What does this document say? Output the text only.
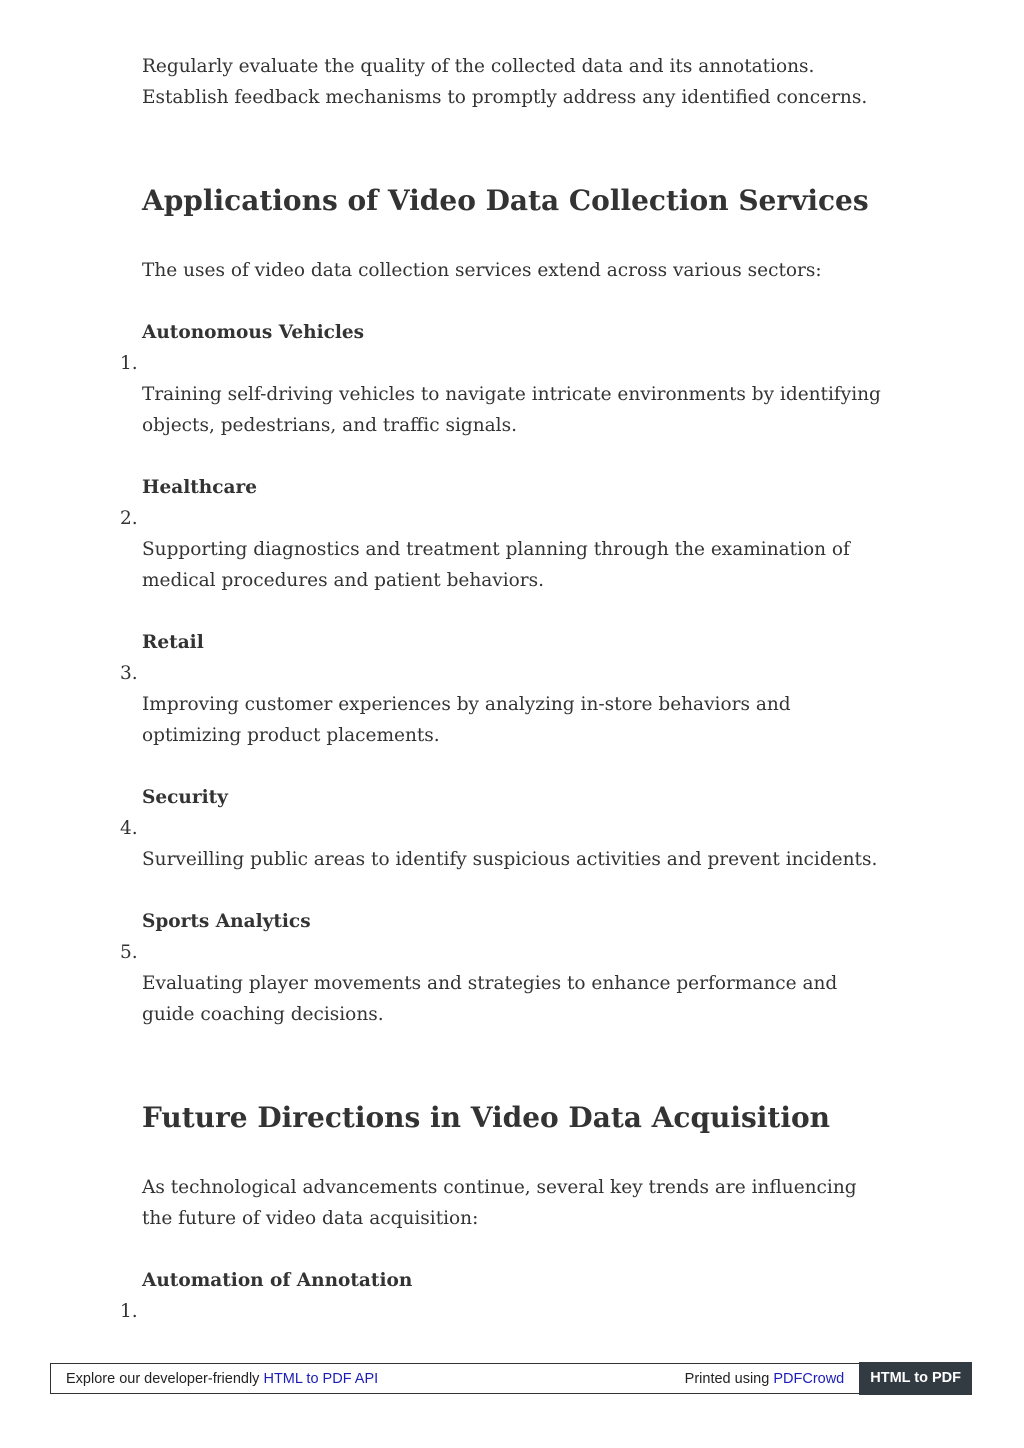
Regularly evaluate the quality of the collected data and its annotations. Establish feedback mechanisms to promptly address any identified concerns.

Applications of Video Data Collection Services

The uses of video data collection services extend across various sectors:

1.
Autonomous Vehicles

Training self-driving vehicles to navigate intricate environments by identifying objects, pedestrians, and traffic signals.

2.
Healthcare

Supporting diagnostics and treatment planning through the examination of medical procedures and patient behaviors.

3.
Retail

Improving customer experiences by analyzing in-store behaviors and optimizing product placements.

4.
Security

Surveilling public areas to identify suspicious activities and prevent incidents.

5.
Sports Analytics

Evaluating player movements and strategies to enhance performance and guide coaching decisions.

Future Directions in Video Data Acquisition

As technological advancements continue, several key trends are influencing the future of video data acquisition:

1.
Automation of Annotation
Explore our developer-friendly HTML to PDF API	Printed using PDFCrowd	HTML to PDF
